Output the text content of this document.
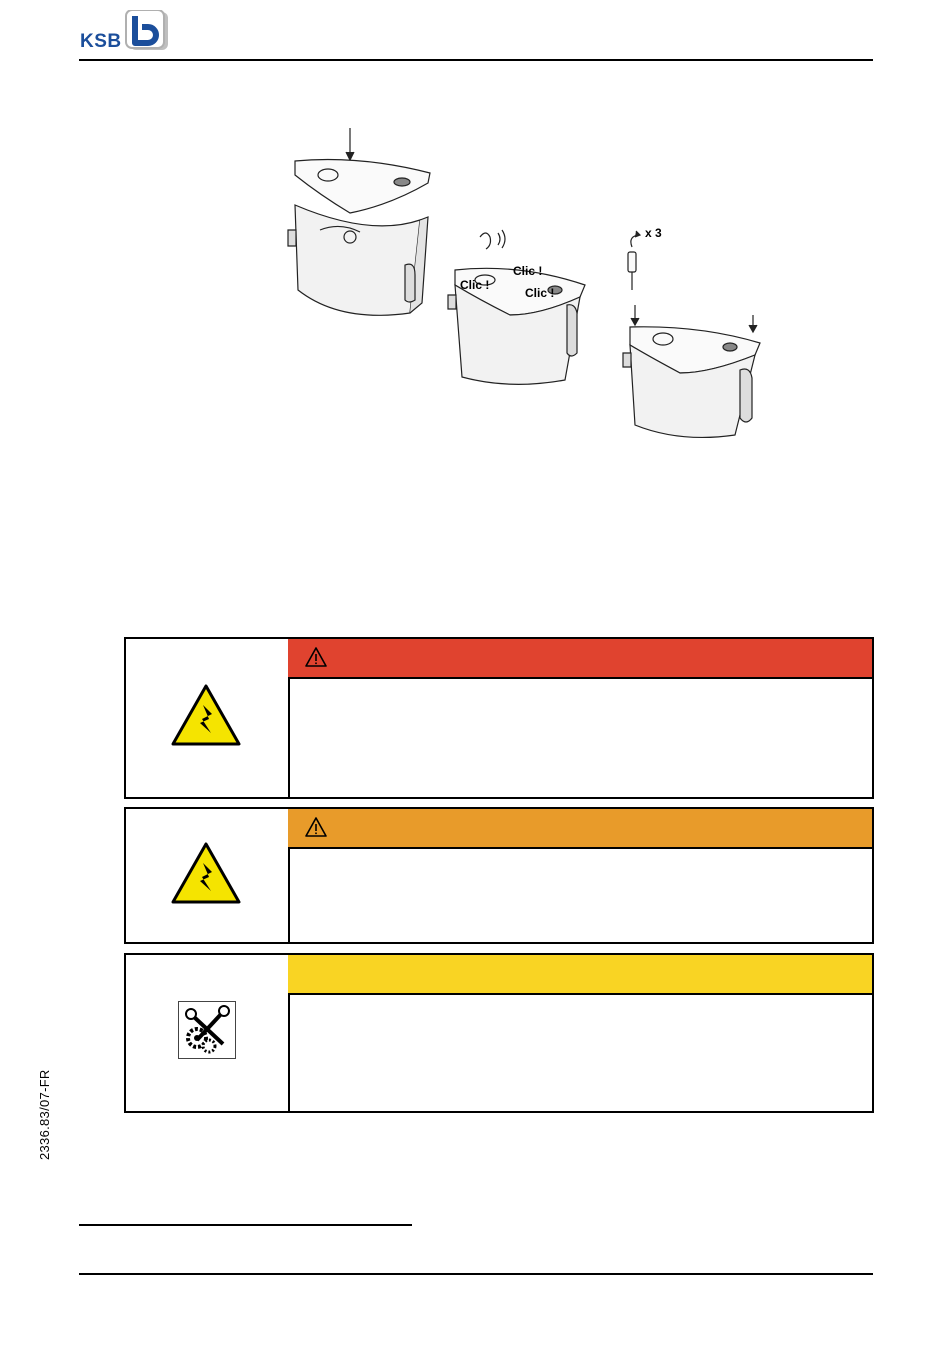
KSB
x 3
Clic !
Clic !
Clic !
2336.83/07-FR
